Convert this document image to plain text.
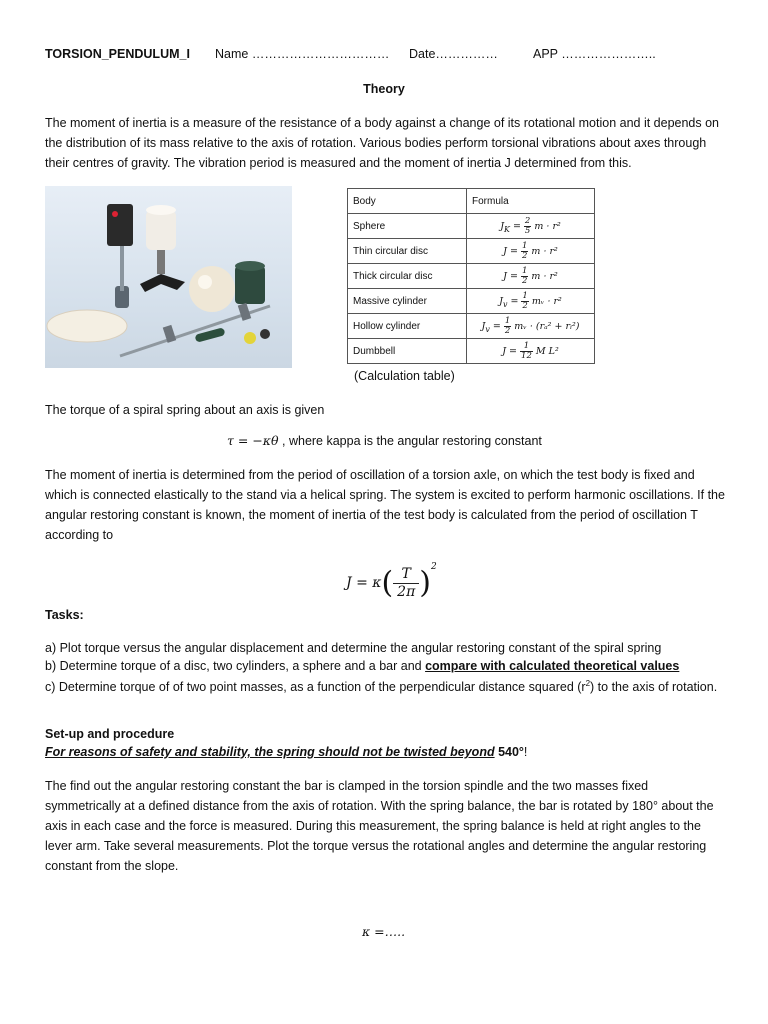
TORSION_PENDULUM_I Name …………………………… Date……………	APP …………………..
Theory
The moment of inertia is a measure of the resistance of a body against a change of its rotational motion and it depends on the distribution of its mass relative to the axis of rotation. Various bodies perform torsional vibrations about axes through their centres of gravity. The vibration period is measured and the moment of inertia J determined from this.
Body	Formula
Sphere	$J_K = \frac{2}{5}$ m · r²
Thin circular disc	$J = \frac{1}{2}$ m · r²
Thick circular disc	$J = \frac{1}{2}$ m · r²
Massive cylinder	$J_v = \frac{1}{2}$ mᵥ · r²
Hollow cylinder	$J_v = \frac{1}{2}$ mᵥ · (rₐ² + rᵢ²)
Dumbbell	$J = \frac{1}{12}$ M L²
(Calculation table)
The torque of a spiral spring about an axis is given
τ = −κθ , where kappa is the angular restoring constant
The moment of inertia is determined from the period of oscillation of a torsion axle, on which the test body is fixed and which is connected elastically to the stand via a helical spring. The system is excited to perform harmonic oscillations. If the angular restoring constant is known, the moment of inertia of the test body is calculated from the period of oscillation T according to
$J = \kappa( \frac{T}{2\pi} )^2$
Tasks:
a) Plot torque versus the angular displacement and determine the angular restoring constant of the spiral spring
b) Determine torque of a disc, two cylinders, a sphere and a bar and compare with calculated theoretical values
c) Determine torque of of two point masses, as a function of the perpendicular distance squared $(r^2)$ to the axis of rotation.
Set-up and procedure
For reasons of safety and stability, the spring should not be twisted beyond 540°!
The find out the angular restoring constant the bar is clamped in the torsion spindle and the two masses fixed symmetrically at a defined distance from the axis of rotation. With the spring balance, the bar is rotated by 180° about the axis in each case and the force is measured. During this measurement, the spring balance is held at right angles to the lever arm. Take several measurements. Plot the torque versus the rotational angles and determine the angular restoring constant from the slope.
κ =…..
